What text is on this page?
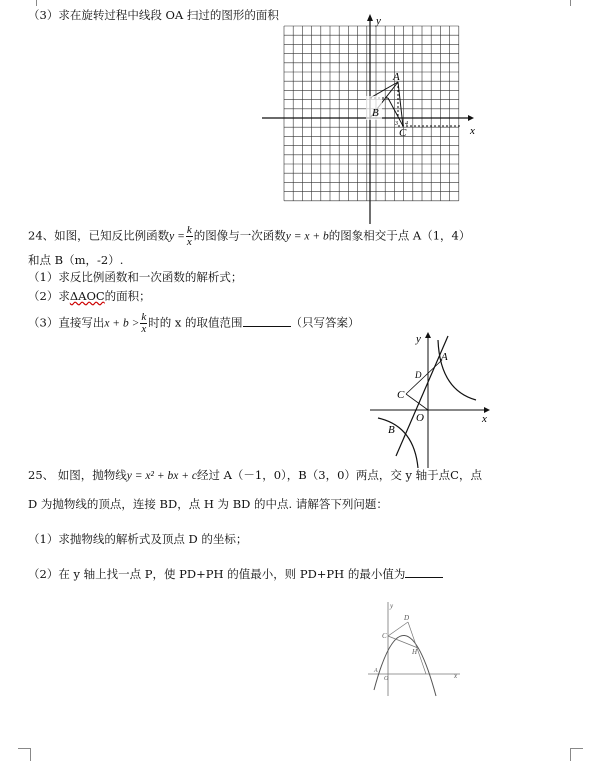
（3）求在旋转过程中线段 OA 扫过的图形的面积	y
x
A
B
C
3 4
24、如图，已知反比例函数$y = \frac{k}{x}$ 的图像与一次函数y = x + b的图象相交于点 A（1，4）
和点 B（m，-2）.
（1）求反比例函数和一次函数的解析式；
（2）求ΔAOC的面积；
（3）直接写出$x + b > \frac{k}{x}$ 时的 x 的取值范围	（只写答案）
y
x
A
D
C
O
B
25、 如图，抛物线y = x² + bx + c经过 A（－1，0），B（3，0）两点，交 y 轴于点C，点
D 为抛物线的顶点，连接 BD，点 H 为 BD 的中点. 请解答下列问题：
（1）求抛物线的解析式及顶点 D 的坐标；
（2）在 y 轴上找一点 P，使 PD+PH 的值最小，则 PD+PH 的最小值为
y
D
C
H
A
O	x
